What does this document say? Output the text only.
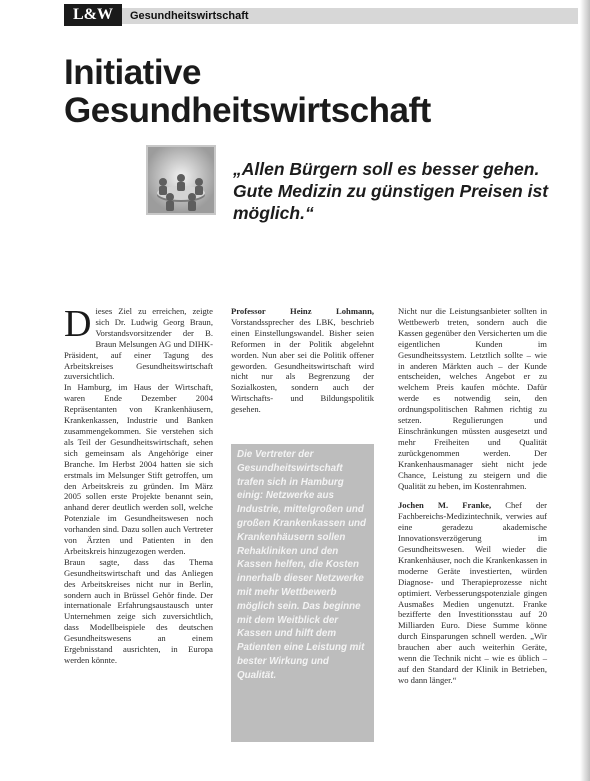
L&W	Gesundheitswirtschaft
Initiative Gesundheitswirtschaft
„Allen Bürgern soll es besser gehen. Gute Medizin zu günstigen Preisen ist möglich.“
D ieses Ziel zu erreichen, zeigte sich Dr. Ludwig Georg Braun, Vorstandsvorsitzender der B. Braun Melsungen AG und DIHK-Präsident, auf einer Tagung des Arbeitskreises Gesundheitswirtschaft zuversichtlich.

In Hamburg, im Haus der Wirtschaft, waren Ende Dezember 2004 Repräsentanten von Krankenhäusern, Krankenkassen, Industrie und Banken zusammengekommen. Sie verstehen sich als Teil der Gesundheitswirtschaft, sehen sich gemeinsam als Angehörige einer Branche. Im Herbst 2004 hatten sie sich erstmals im Melsunger Stift getroffen, um den Arbeitskreis zu gründen. Im März 2005 sollen erste Projekte benannt sein, anhand derer deutlich werden soll, welche Potenziale im Gesundheitswesen noch vorhanden sind. Dazu sollen auch Vertreter von Ärzten und Patienten in den Arbeitskreis hinzugezogen werden.

Braun sagte, dass das Thema Gesundheitswirtschaft und das Anliegen des Arbeitskreises nicht nur in Berlin, sondern auch in Brüssel Gehör finde. Der internationale Erfahrungsaustausch unter Unternehmen zeige sich zuversichtlich, dass Modellbeispiele des deutschen Gesundheitswesens an einem Ergebnisstand ausrichten, in Europa werden könnte.

Professor Heinz Lohmann, Vorstandssprecher des LBK, beschrieb einen Einstellungswandel. Bisher seien Reformen in der Politik abgelehnt worden. Nun aber sei die Politik offener geworden. Gesundheitswirtschaft wird nicht nur als Begrenzung der Sozialkosten, sondern auch der Wirtschafts- und Bildungspolitik gesehen.

Die Vertreter der Gesundheitswirtschaft trafen sich in Hamburg einig: Netzwerke aus Industrie, mittelgroßen und großen Krankenkassen und Krankenhäusern sollen Rehakliniken und den Kassen helfen, die Kosten innerhalb dieser Netzwerke mit mehr Wettbewerb möglich sein. Das beginne mit dem Weitblick der Kassen und hilft dem Patienten eine Leistung mit bester Wirkung und Qualität.

Nicht nur die Leistungsanbieter sollten in Wettbewerb treten, sondern auch die Kassen gegenüber den Versicherten um die eigentlichen Kunden im Gesundheitssystem. Letztlich sollte – wie in anderen Märkten auch – der Kunde entscheiden, welches Angebot er zu welchem Preis kaufen möchte. Dafür werde es notwendig sein, den ordnungspolitischen Rahmen richtig zu setzen. Regulierungen und Einschränkungen müssten ausgesetzt und mehr Freiheiten und Qualität zurückgenommen werden. Der Krankenhausmanager sieht nicht jede Chance, Leistung zu steigern und die Qualität zu heben, im Kostenrahmen.

Jochen M. Franke, Chef der Fachbereichs-Medizintechnik, verwies auf eine geradezu akademische Innovationsverzögerung im Gesundheitswesen. Weil wieder die Krankenhäuser, noch die Krankenkassen in moderne Geräte investierten, würden Diagnose- und Therapieprozesse nicht optimiert. Verbesserungspotenziale gingen Ausmaßes Medien ungenutzt. Franke bezifferte den Investitionsstau auf 20 Milliarden Euro. Diese Summe könne durch Einsparungen schnell werden. „Wir brauchen aber auch weiterhin Geräte, wenn die Technik nicht – wie es üblich – auf den Standard der Klinik in Betrieben, wo dann länger.“
